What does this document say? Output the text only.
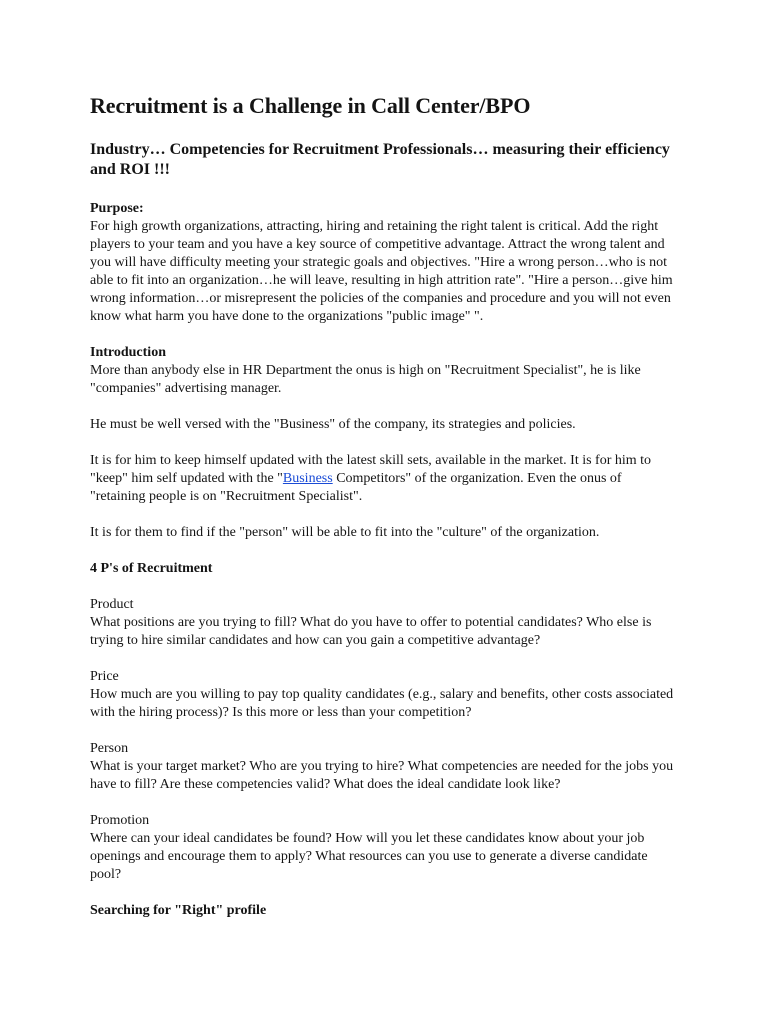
Recruitment is a Challenge in Call Center/BPO
Industry… Competencies for Recruitment Professionals… measuring their efficiency and ROI !!!
Purpose:

For high growth organizations, attracting, hiring and retaining the right talent is critical. Add the right players to your team and you have a key source of competitive advantage. Attract the wrong talent and you will have difficulty meeting your strategic goals and objectives. "Hire a wrong person…who is not able to fit into an organization…he will leave, resulting in high attrition rate". "Hire a person…give him wrong information…or misrepresent the policies of the companies and procedure and you will not even know what harm you have done to the organizations "public image" ".

Introduction

More than anybody else in HR Department the onus is high on "Recruitment Specialist", he is like "companies" advertising manager.

He must be well versed with the "Business" of the company, its strategies and policies.

It is for him to keep himself updated with the latest skill sets, available in the market. It is for him to "keep" him self updated with the "Business Competitors" of the organization. Even the onus of "retaining people is on "Recruitment Specialist".

It is for them to find if the "person" will be able to fit into the "culture" of the organization.

4 P's of Recruitment

Product

What positions are you trying to fill? What do you have to offer to potential candidates? Who else is trying to hire similar candidates and how can you gain a competitive advantage?

Price

How much are you willing to pay top quality candidates (e.g., salary and benefits, other costs associated with the hiring process)? Is this more or less than your competition?

Person

What is your target market? Who are you trying to hire? What competencies are needed for the jobs you have to fill? Are these competencies valid? What does the ideal candidate look like?

Promotion

Where can your ideal candidates be found? How will you let these candidates know about your job openings and encourage them to apply? What resources can you use to generate a diverse candidate pool?

Searching for "Right" profile
